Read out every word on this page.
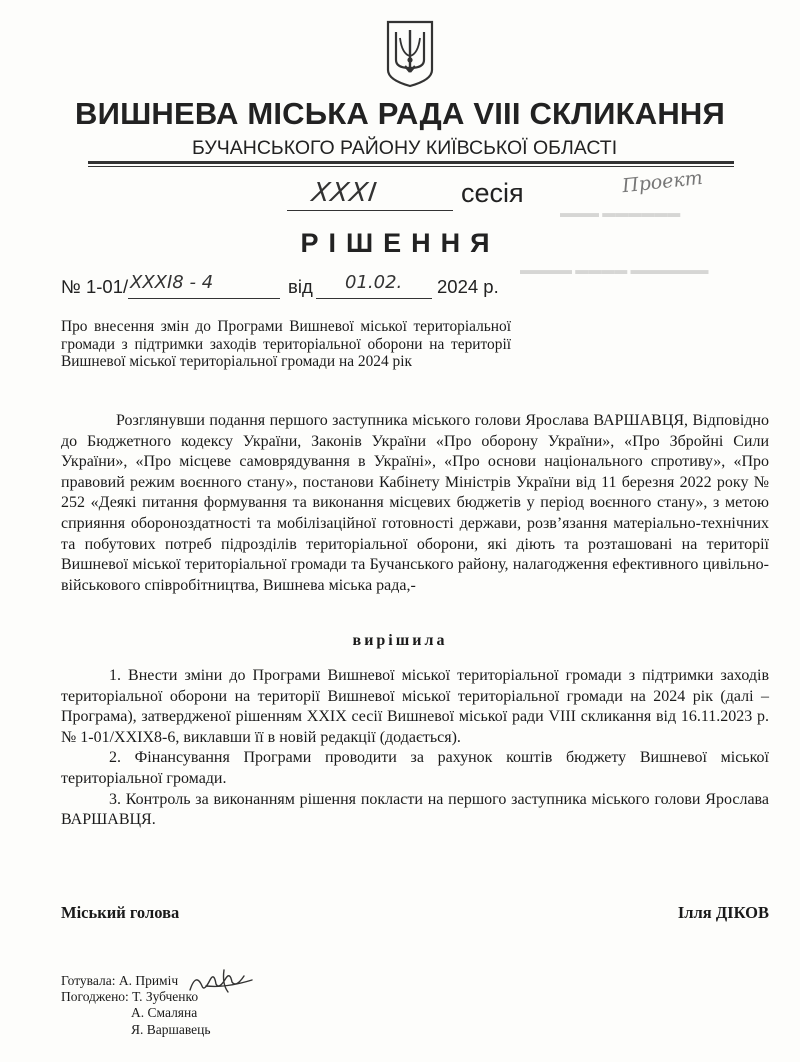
▬▬▬ ▬▬▬▬▬▬
▬▬▬▬ ▬▬▬▬ ▬▬▬▬▬▬
ВИШНЕВА МІСЬКА РАДА VIII СКЛИКАННЯ
БУЧАНСЬКОГО РАЙОНУ КИЇВСЬКОЇ ОБЛАСТІ
XXXI	сесія	Проект
РІШЕННЯ
№ 1-01/ XXXI8 - 4	від 01.02. 2024 р.
Про внесення змін до Програми Вишневої міської територіальної громади з підтримки заходів територіальної оборони на території Вишневої міської територіальної громади на 2024 рік
Розглянувши подання першого заступника міського голови Ярослава ВАРШАВЦЯ, Відповідно до Бюджетного кодексу України, Законів України «Про оборону України», «Про Збройні Сили України», «Про місцеве самоврядування в Україні», «Про основи національного спротиву», «Про правовий режим воєнного стану», постанови Кабінету Міністрів України від 11 березня 2022 року № 252 «Деякі питання формування та виконання місцевих бюджетів у період воєнного стану», з метою сприяння обороноздатності та мобілізаційної готовності держави, розв’язання матеріально-технічних та побутових потреб підрозділів територіальної оборони, які діють та розташовані на території Вишневої міської територіальної громади та Бучанського району, налагодження ефективного цивільно-військового співробітництва, Вишнева міська рада,-
вирішила

1. Внести зміни до Програми Вишневої міської територіальної громади з підтримки заходів територіальної оборони на території Вишневої міської територіальної громади на 2024 рік (далі – Програма), затвердженої рішенням XXIX сесії Вишневої міської ради VIII скликання від 16.11.2023 р. № 1-01/XXIX8-6, виклавши її в новій редакції (додається).

2. Фінансування Програми проводити за рахунок коштів бюджету Вишневої міської територіальної громади.

3. Контроль за виконанням рішення покласти на першого заступника міського голови Ярослава ВАРШАВЦЯ.

Міський голова	Ілля ДІКОВ
Готувала: А. Приміч
Погоджено: Т. Зубченко
А. Смаляна
Я. Варшавець
